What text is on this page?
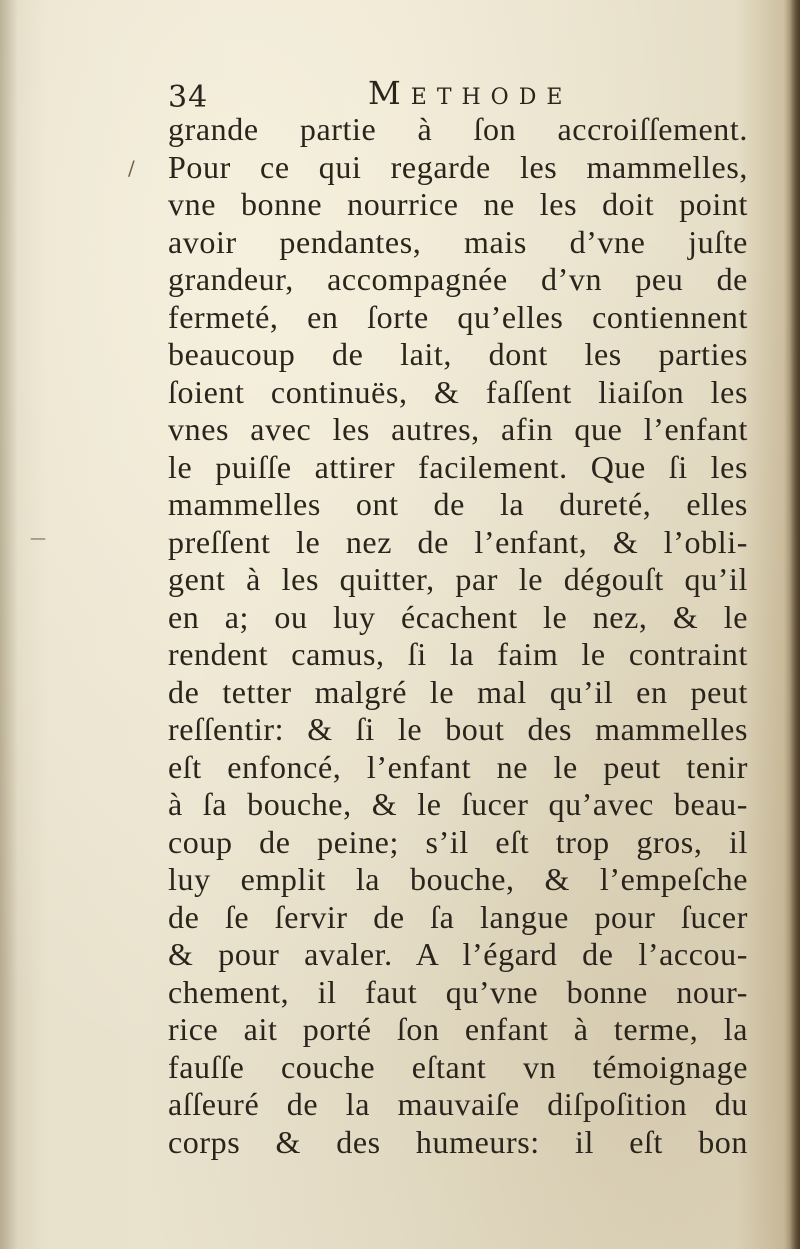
/
—
34	Methode
grande partie à ſon accroiſſement.
Pour ce qui regarde les mammelles,
vne bonne nourrice ne les doit point
avoir pendantes, mais d’vne juſte
grandeur, accompagnée d’vn peu de
fermeté, en ſorte qu’elles contiennent
beaucoup de lait, dont les parties
ſoient continuës, & faſſent liaiſon les
vnes avec les autres, afin que l’enfant
le puiſſe attirer facilement. Que ſi les
mammelles ont de la dureté, elles
preſſent le nez de l’enfant, & l’obli-
gent à les quitter, par le dégouſt qu’il
en a; ou luy écachent le nez, & le
rendent camus, ſi la faim le contraint
de tetter malgré le mal qu’il en peut
reſſentir: & ſi le bout des mammelles
eſt enfoncé, l’enfant ne le peut tenir
à ſa bouche, & le ſucer qu’avec beau-
coup de peine; s’il eſt trop gros, il
luy emplit la bouche, & l’empeſche
de ſe ſervir de ſa langue pour ſucer
& pour avaler. A l’égard de l’accou-
chement, il faut qu’vne bonne nour-
rice ait porté ſon enfant à terme, la
fauſſe couche eſtant vn témoignage
aſſeuré de la mauvaiſe diſpoſition du
corps & des humeurs: il eſt bon
